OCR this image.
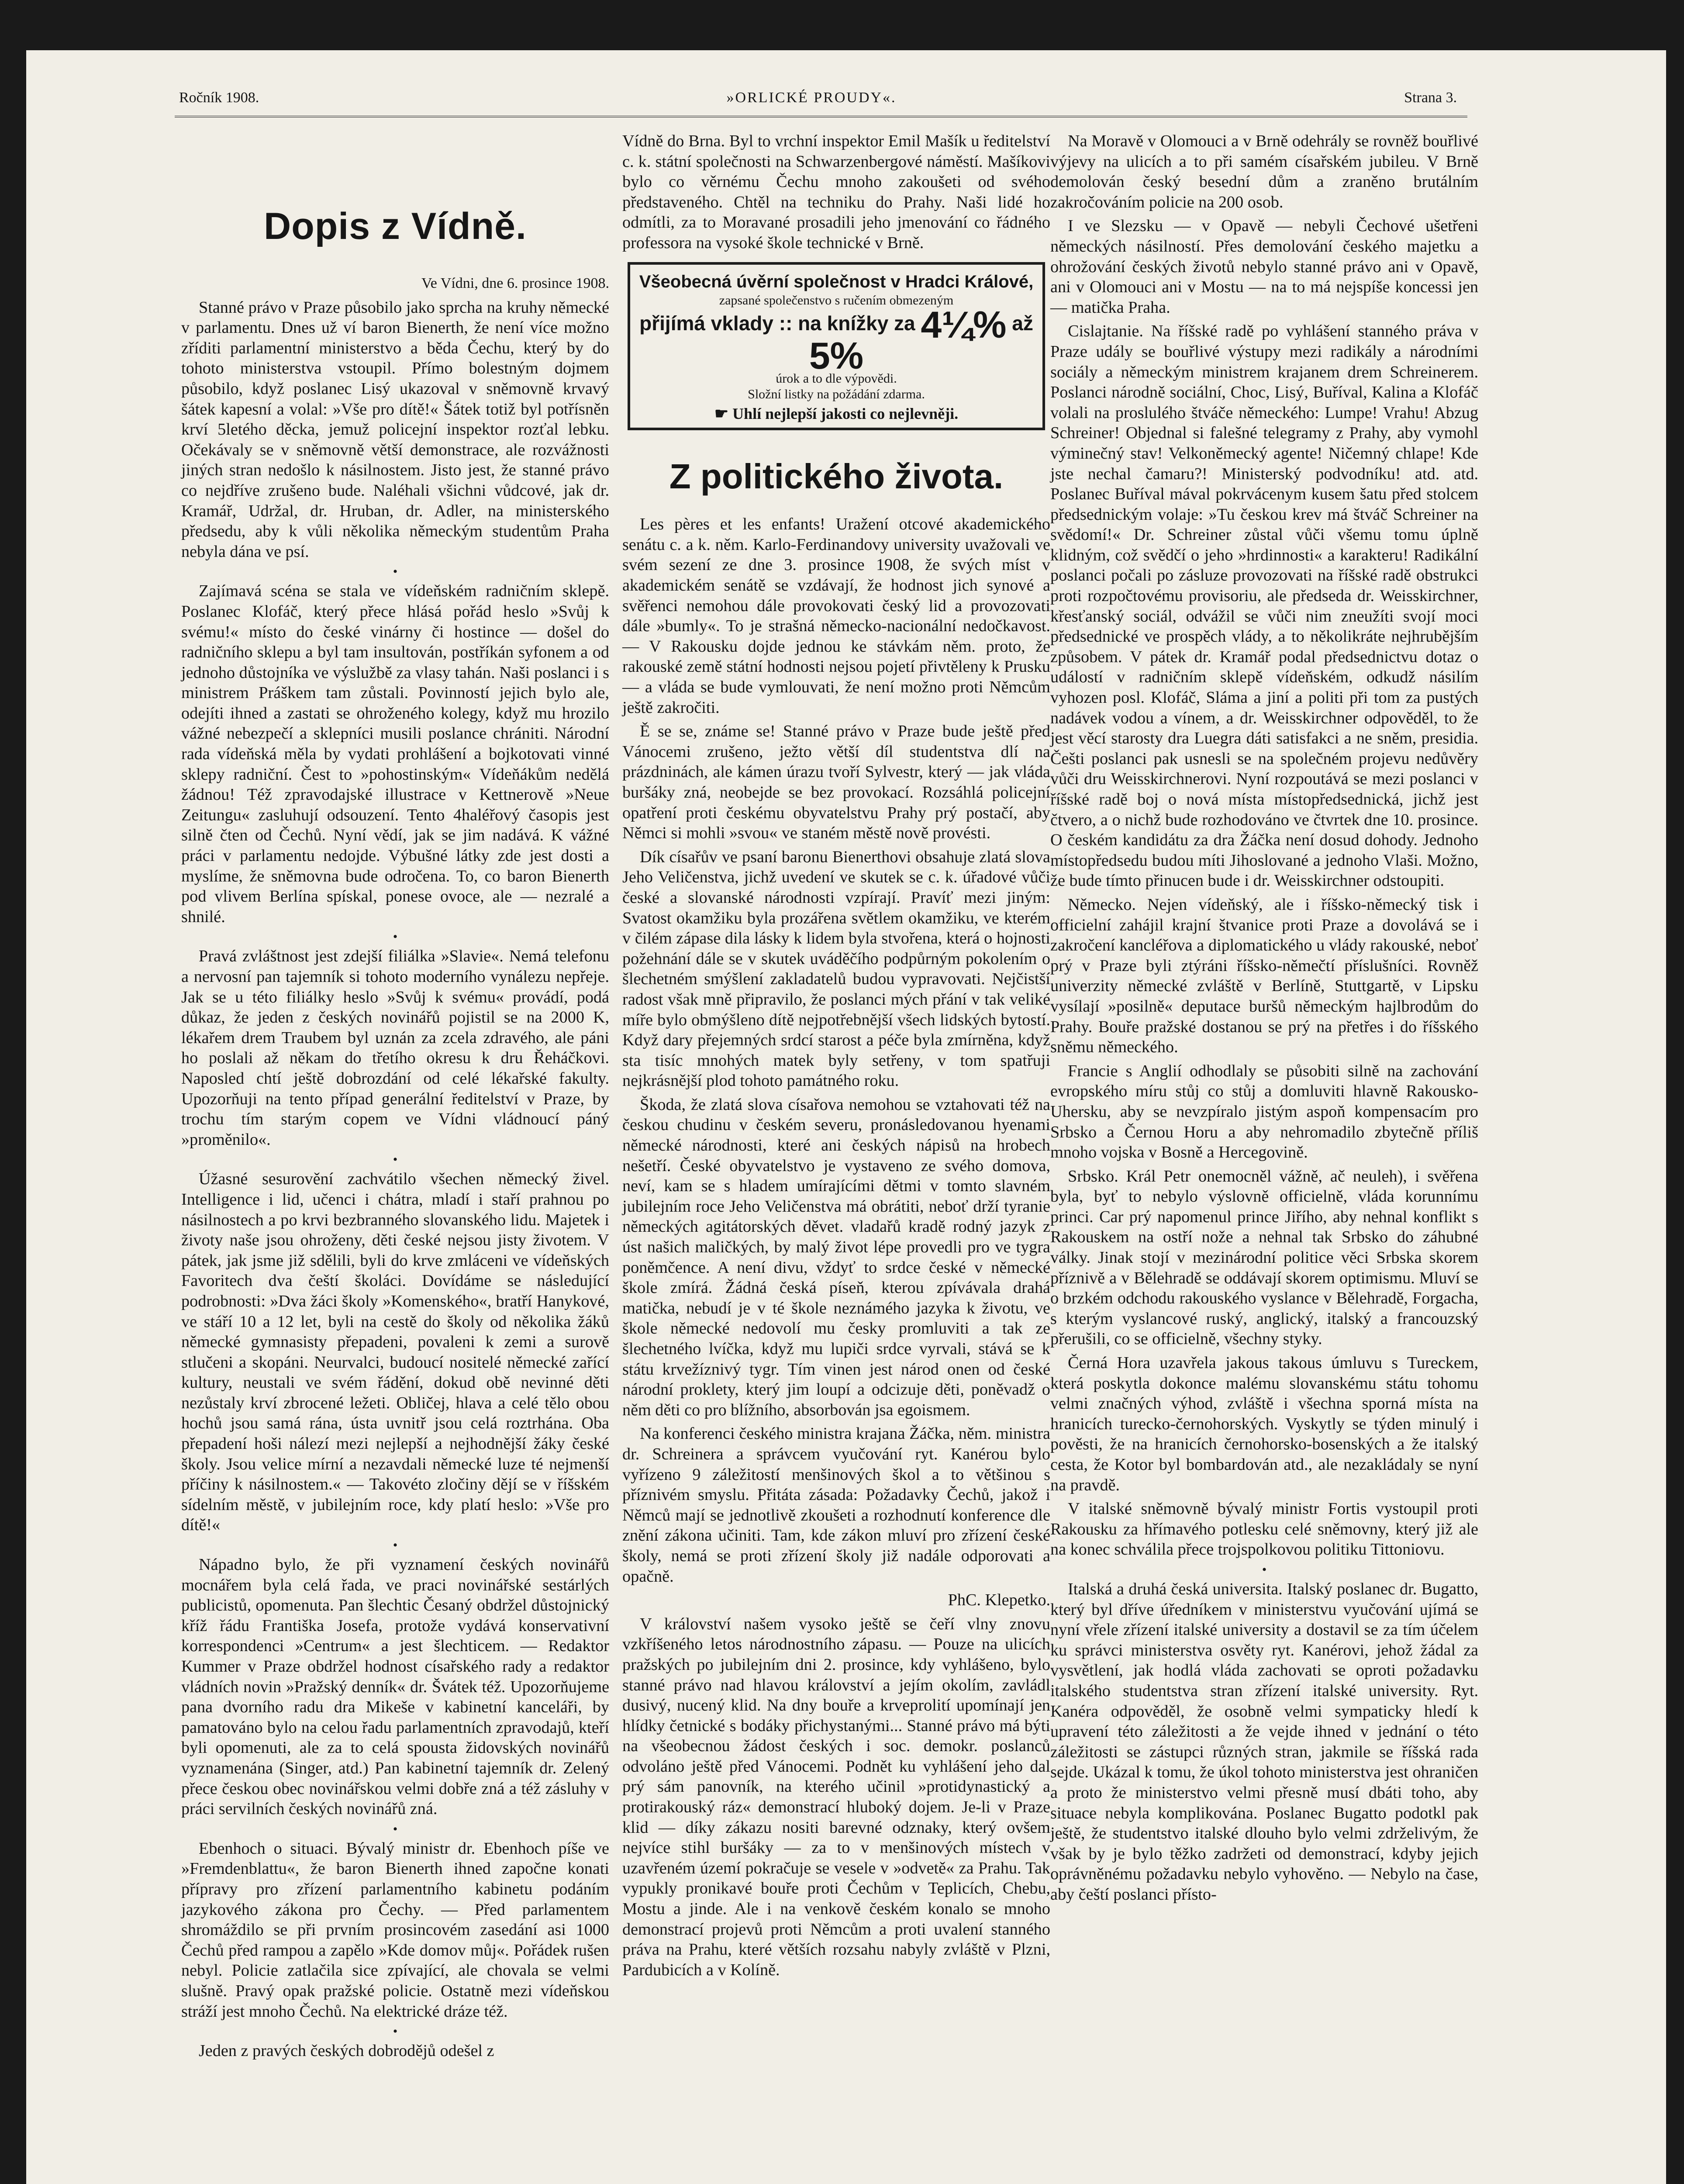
Ročník 1908.	»ORLICKÉ PROUDY«.	Strana 3.
Dopis z Vídně.

Ve Vídni, dne 6. prosince 1908.

Stanné právo v Praze působilo jako sprcha na kruhy německé v parlamentu. Dnes už ví baron Bienerth, že není více možno zříditi parlamentní ministerstvo a běda Čechu, který by do tohoto ministerstva vstoupil. Přímo bolestným dojmem působilo, když poslanec Lisý ukazoval v sněmovně krvavý šátek kapesní a volal: »Vše pro dítě!« Šátek totiž byl potřísněn krví 5letého děcka, jemuž policejní inspektor rozťal lebku. Očekávaly se v sněmovně větší demonstrace, ale rozvážnosti jiných stran nedošlo k násilnostem. Jisto jest, že stanné právo co nejdříve zrušeno bude. Naléhali všichni vůdcové, jak dr. Kramář, Udržal, dr. Hruban, dr. Adler, na ministerského předsedu, aby k vůli několika německým studentům Praha nebyla dána ve psí.

•

Zajímavá scéna se stala ve vídeňském radničním sklepě. Poslanec Klofáč, který přece hlásá pořád heslo »Svůj k svému!« místo do české vinárny či hostince — došel do radničního sklepu a byl tam insultován, postříkán syfonem a od jednoho důstojníka ve výslužbě za vlasy tahán. Naši poslanci i s ministrem Práškem tam zůstali. Povinností jejich bylo ale, odejíti ihned a zastati se ohroženého kolegy, když mu hrozilo vážné nebezpečí a sklepníci musili poslance chrániti. Národní rada vídeňská měla by vydati prohlášení a bojkotovati vinné sklepy radniční. Čest to »pohostinským« Vídeňákům nedělá žádnou! Též zpravodajské illustrace v Kettnerově »Neue Zeitungu« zasluhují odsouzení. Tento 4haléřový časopis jest silně čten od Čechů. Nyní vědí, jak se jim nadává. K vážné práci v parlamentu nedojde. Výbušné látky zde jest dosti a myslíme, že sněmovna bude odročena. To, co baron Bienerth pod vlivem Berlína spískal, ponese ovoce, ale — nezralé a shnilé.

•

Pravá zvláštnost jest zdejší filiálka »Slavie«. Nemá telefonu a nervosní pan tajemník si tohoto moderního vynálezu nepřeje. Jak se u této filiálky heslo »Svůj k svému« provádí, podá důkaz, že jeden z českých novinářů pojistil se na 2000 K, lékařem drem Traubem byl uznán za zcela zdravého, ale páni ho poslali až někam do třetího okresu k dru Řeháčkovi. Naposled chtí ještě dobrozdání od celé lékařské fakulty. Upozorňuji na tento případ generální ředitelství v Praze, by trochu tím starým copem ve Vídni vládnoucí páný »proměnilo«.

•

Úžasné sesurovění zachvátilo všechen německý živel. Intelligence i lid, učenci i chátra, mladí i staří prahnou po násilnostech a po krvi bezbranného slovanského lidu. Majetek i životy naše jsou ohroženy, děti české nejsou jisty životem. V pátek, jak jsme již sdělili, byli do krve zmláceni ve vídeňských Favoritech dva čeští školáci. Dovídáme se následující podrobnosti: »Dva žáci školy »Komenského«, bratří Hanykové, ve stáří 10 a 12 let, byli na cestě do školy od několika žáků německé gymnasisty přepadeni, povaleni k zemi a surově stlučeni a skopáni. Neurvalci, budoucí nositelé německé zařící kultury, neustali ve svém řádění, dokud obě nevinné děti nezůstaly krví zbrocené ležeti. Obličej, hlava a celé tělo obou hochů jsou samá rána, ústa uvnitř jsou celá roztrhána. Oba přepadení hoši nálezí mezi nejlepší a nejhodnější žáky české školy. Jsou velice mírní a nezavdali německé luze té nejmenší příčiny k násilnostem.« — Takovéto zločiny dějí se v říšském sídelním městě, v jubilejním roce, kdy platí heslo: »Vše pro dítě!«

•

Nápadno bylo, že při vyznamení českých novinářů mocnářem byla celá řada, ve praci novinářské sestárlých publicistů, opomenuta. Pan šlechtic Česaný obdržel důstojnický kříž řádu Františka Josefa, protože vydává konservativní korrespondenci »Centrum« a jest šlechticem. — Redaktor Kummer v Praze obdržel hodnost císařského rady a redaktor vládních novin »Pražský denník« dr. Švátek též. Upozorňujeme pana dvorního radu dra Mikeše v kabinetní kanceláři, by pamatováno bylo na celou řadu parlamentních zpravodajů, kteří byli opomenuti, ale za to celá spousta židovských novinářů vyznamenána (Singer, atd.) Pan kabinetní tajemník dr. Zelený přece českou obec novinářskou velmi dobře zná a též zásluhy v práci servilních českých novinářů zná.

•

Ebenhoch o situaci. Bývalý ministr dr. Ebenhoch píše ve »Fremdenblattu«, že baron Bienerth ihned započne konati přípravy pro zřízení parlamentního kabinetu podáním jazykového zákona pro Čechy. — Před parlamentem shromáždilo se při prvním prosincovém zasedání asi 1000 Čechů před rampou a zapělo »Kde domov můj«. Pořádek rušen nebyl. Policie zatlačila sice zpívající, ale chovala se velmi slušně. Pravý opak pražské policie. Ostatně mezi vídeňskou stráží jest mnoho Čechů. Na elektrické dráze též.

•

Jeden z pravých českých dobrodějů odešel z

Vídně do Brna. Byl to vrchní inspektor Emil Mašík u ředitelství c. k. státní společnosti na Schwarzenbergové náměstí. Mašíkovi bylo co věrnému Čechu mnoho zakoušeti od svého představeného. Chtěl na techniku do Prahy. Naši lidé ho odmítli, za to Moravané prosadili jeho jmenování co řádného professora na vysoké škole technické v Brně.

Všeobecná úvěrní společnost v Hradci Králové,
zapsané společenstvo s ručením obmezeným
přijímá vklady :: na knížky za 4¼% až 5%
úrok a to dle výpovědi.
Složní listky na požádání zdarma.
☛ Uhlí nejlepší jakosti co nejlevněji.
Z politického života.

Les pères et les enfants! Uražení otcové akademického senátu c. a k. něm. Karlo-Ferdinandovy university uvažovali ve svém sezení ze dne 3. prosince 1908, že svých míst v akademickém senátě se vzdávají, že hodnost jich synové a svěřenci nemohou dále provokovati český lid a provozovati dále »bumly«. To je strašná německo-nacionální nedočkavost. — V Rakousku dojde jednou ke stávkám něm. proto, že rakouské země státní hodnosti nejsou pojetí přivtěleny k Prusku — a vláda se bude vymlouvati, že není možno proti Němcům ještě zakročiti.

Ě se se, známe se! Stanné právo v Praze bude ještě před Vánocemi zrušeno, ježto větší díl studentstva dlí na prázdninách, ale kámen úrazu tvoří Sylvestr, který — jak vláda buršáky zná, neobejde se bez provokací. Rozsáhlá policejní opatření proti českému obyvatelstvu Prahy prý postačí, aby Němci si mohli »svou« ve staném městě nově provésti.

Dík císařův ve psaní baronu Bienerthovi obsahuje zlatá slova Jeho Veličenstva, jichž uvedení ve skutek se c. k. úřadové vůči české a slovanské národnosti vzpírají. Pravíť mezi jiným: Svatost okamžiku byla prozářena světlem okamžiku, ve kterém v čilém zápase dila lásky k lidem byla stvořena, která o hojnosti požehnání dále se v skutek uváděčího podpůrným pokolením o šlechetném smýšlení zakladatelů budou vypravovati. Nejčistší radost však mně připravilo, že poslanci mých přání v tak veliké míře bylo obmýšleno dítě nejpotřebnější všech lidských bytostí. Když dary přejemných srdcí starost a péče byla zmírněna, když sta tisíc mnohých matek byly setřeny, v tom spatřuji nejkrásnější plod tohoto památného roku.

Škoda, že zlatá slova císařova nemohou se vztahovati též na českou chudinu v českém severu, pronásledovanou hyenami německé národnosti, které ani českých nápisů na hrobech nešetří. České obyvatelstvo je vystaveno ze svého domova, neví, kam se s hladem umírajícími dětmi v tomto slavném jubilejním roce Jeho Veličenstva má obrátiti, neboť drží tyranie německých agitátorských děvet. vladařů kradě rodný jazyk z úst našich maličkých, by malý život lépe provedli pro ve tygra poněmčence. A není divu, vždyť to srdce české v německé škole zmírá. Žádná česká píseň, kterou zpívávala drahá matička, nebudí je v té škole neznámého jazyka k životu, ve škole německé nedovolí mu česky promluviti a tak ze šlechetného lvíčka, když mu lupiči srdce vyrvali, stává se k státu krvežíznivý tygr. Tím vinen jest národ onen od české národní proklety, který jim loupí a odcizuje děti, poněvadž o něm děti co pro blížního, absorbován jsa egoismem.

Na konferenci českého ministra krajana Žáčka, něm. ministra dr. Schreinera a správcem vyučování ryt. Kanérou bylo vyřízeno 9 záležitostí menšinových škol a to většinou s příznivém smyslu. Přitáta zásada: Požadavky Čechů, jakož i Němců mají se jednotlivě zkoušeti a rozhodnutí konference dle znění zákona učiniti. Tam, kde zákon mluví pro zřízení české školy, nemá se proti zřízení školy již nadále odporovati a opačně.

PhC. Klepetko.

V království našem vysoko ještě se čeří vlny znovu vzkříšeného letos národnostního zápasu. — Pouze na ulicích pražských po jubilejním dni 2. prosince, kdy vyhlášeno, bylo stanné právo nad hlavou království a jejím okolím, zavládl dusivý, nucený klid. Na dny bouře a krveprolití upomínají jen hlídky četnické s bodáky přichystanými... Stanné právo má býti na všeobecnou žádost českých i soc. demokr. poslanců odvoláno ještě před Vánocemi. Podnět ku vyhlášení jeho dal prý sám panovník, na kterého učinil »protidynastický a protirakouský ráz« demonstrací hluboký dojem. Je-li v Praze klid — díky zákazu nositi barevné odznaky, který ovšem nejvíce stihl buršáky — za to v menšinových místech v uzavřeném území pokračuje se vesele v »odvetě« za Prahu. Tak vypukly pronikavé bouře proti Čechům v Teplicích, Chebu, Mostu a jinde. Ale i na venkově českém konalo se mnoho demonstrací projevů proti Němcům a proti uvalení stanného práva na Prahu, které větších rozsahu nabyly zvláště v Plzni, Pardubicích a v Kolíně.

Na Moravě v Olomouci a v Brně odehrály se rovněž bouřlivé výjevy na ulicích a to při samém císařském jubileu. V Brně demolován český besední dům a zraněno brutálním zakročováním policie na 200 osob.

I ve Slezsku — v Opavě — nebyli Čechové ušetřeni německých násilností. Přes demolování českého majetku a ohrožování českých životů nebylo stanné právo ani v Opavě, ani v Olomouci ani v Mostu — na to má nejspíše koncessi jen — matička Praha.

Cislajtanie. Na říšské radě po vyhlášení stanného práva v Praze udály se bouřlivé výstupy mezi radikály a národními sociály a německým ministrem krajanem drem Schreinerem. Poslanci národně sociální, Choc, Lisý, Buříval, Kalina a Klofáč volali na proslulého štváče německého: Lumpe! Vrahu! Abzug Schreiner! Objednal si falešné telegramy z Prahy, aby vymohl výminečný stav! Velkoněmecký agente! Ničemný chlape! Kde jste nechal čamaru?! Ministerský podvodníku! atd. atd. Poslanec Buříval mával pokrvácenym kusem šatu před stolcem předsednickým volaje: »Tu českou krev má štváč Schreiner na svědomí!« Dr. Schreiner zůstal vůči všemu tomu úplně klidným, což svědčí o jeho »hrdinnosti« a karakteru! Radikální poslanci počali po zásluze provozovati na říšské radě obstrukci proti rozpočtovému provisoriu, ale předseda dr. Weisskirchner, křesťanský sociál, odvážil se vůči nim zneužíti svojí moci předsednické ve prospěch vlády, a to několikráte nejhrubějším způsobem. V pátek dr. Kramář podal předsednictvu dotaz o událostí v radničním sklepě vídeňském, odkudž násilím vyhozen posl. Klofáč, Sláma a jiní a politi při tom za pustých nadávek vodou a vínem, a dr. Weisskirchner odpověděl, to že jest věcí starosty dra Luegra dáti satisfakci a ne sněm, presidia. Češti poslanci pak usnesli se na společném projevu nedůvěry vůči dru Weisskirchnerovi. Nyní rozpoutává se mezi poslanci v říšské radě boj o nová místa místopředsednická, jichž jest čtvero, a o nichž bude rozhodováno ve čtvrtek dne 10. prosince. O českém kandidátu za dra Žáčka není dosud dohody. Jednoho místopředsedu budou míti Jihoslované a jednoho Vlaši. Možno, že bude tímto přinucen bude i dr. Weisskirchner odstoupiti.

Německo. Nejen vídeňský, ale i říšsko-německý tisk i officielní zahájil krajní štvanice proti Praze a dovolává se i zakročení kancléřova a diplomatického u vlády rakouské, neboť prý v Praze byli ztýráni říšsko-němečtí příslušníci. Rovněž univerzity německé zvláště v Berlíně, Stuttgartě, v Lipsku vysílají »posilně« deputace buršů německým hajlbrodům do Prahy. Bouře pražské dostanou se prý na přetřes i do říšského sněmu německého.

Francie s Anglií odhodlaly se působiti silně na zachování evropského míru stůj co stůj a domluviti hlavně Rakousko-Uhersku, aby se nevzpíralo jistým aspoň kompensacím pro Srbsko a Černou Horu a aby nehromadilo zbytečně příliš mnoho vojska v Bosně a Hercegovině.

Srbsko. Král Petr onemocněl vážně, ač neuleh), i svěřena byla, byť to nebylo výslovně officielně, vláda korunnímu princi. Car prý napomenul prince Jiřího, aby nehnal konflikt s Rakouskem na ostří nože a nehnal tak Srbsko do záhubné války. Jinak stojí v mezinárodní politice věci Srbska skorem příznivě a v Bělehradě se oddávají skorem optimismu. Mluví se o brzkém odchodu rakouského vyslance v Bělehradě, Forgacha, s kterým vyslancové ruský, anglický, italský a francouzský přerušili, co se officielně, všechny styky.

Černá Hora uzavřela jakous takous úmluvu s Tureckem, která poskytla dokonce malému slovanskému státu tohomu velmi značných výhod, zvláště i všechna sporná místa na hranicích turecko-černohorských. Vyskytly se týden minulý i pověsti, že na hranicích černohorsko-bosenských a že italský cesta, že Kotor byl bombardován atd., ale nezakládaly se nyní na pravdě.

V italské sněmovně bývalý ministr Fortis vystoupil proti Rakousku za hřímavého potlesku celé sněmovny, který již ale na konec schválila přece trojspolkovou politiku Tittoniovu.

•

Italská a druhá česká universita. Italský poslanec dr. Bugatto, který byl dříve úředníkem v ministerstvu vyučování ujímá se nyní vřele zřízení italské university a dostavil se za tím účelem ku správci ministerstva osvěty ryt. Kanérovi, jehož žádal za vysvětlení, jak hodlá vláda zachovati se oproti požadavku italského studentstva stran zřízení italské university. Ryt. Kanéra odpověděl, že osobně velmi sympaticky hledí k upravení této záležitosti a že vejde ihned v jednání o této záležitosti se zástupci různých stran, jakmile se říšská rada sejde. Ukázal k tomu, že úkol tohoto ministerstva jest ohraničen a proto že ministerstvo velmi přesně musí dbáti toho, aby situace nebyla komplikována. Poslanec Bugatto podotkl pak ještě, že studentstvo italské dlouho bylo velmi zdrželivým, že však by je bylo těžko zadržeti od demonstrací, kdyby jejich oprávněnému požadavku nebylo vyhověno. — Nebylo na čase, aby čeští poslanci přísto-
